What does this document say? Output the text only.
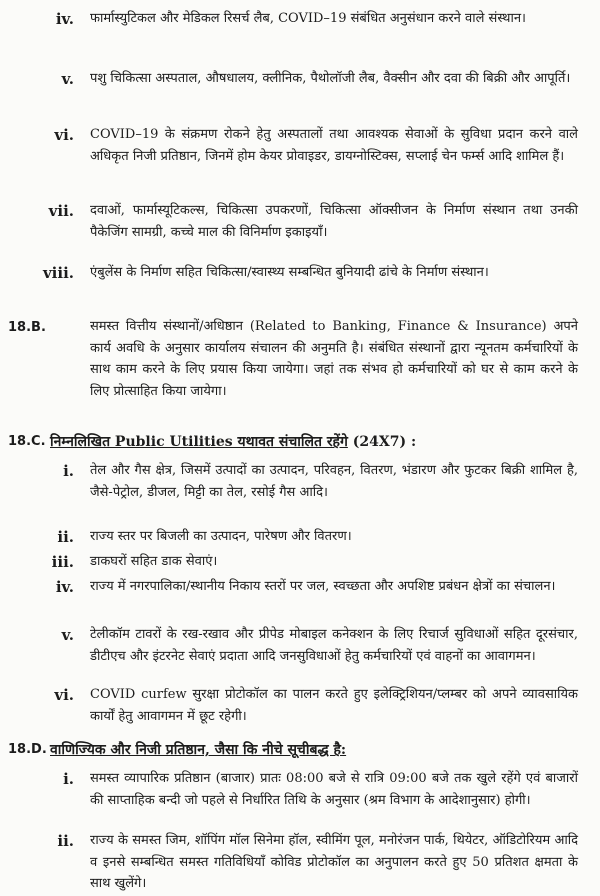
iv. फार्मास्युटिकल और मेडिकल रिसर्च लैब, COVID–19 संबंधित अनुसंधान करने वाले संस्थान।
v. पशु चिकित्सा अस्पताल, औषधालय, क्लीनिक, पैथोलॉजी लैब, वैक्सीन और दवा की बिक्री और आपूर्ति।
vi. COVID–19 के संक्रमण रोकने हेतु अस्पतालों तथा आवश्यक सेवाओं के सुविधा प्रदान करने वाले अधिकृत निजी प्रतिष्ठान, जिनमें होम केयर प्रोवाइडर, डायग्नोस्टिक्स, सप्लाई चेन फर्म्स आदि शामिल हैं।
vii. दवाओं, फार्मास्यूटिकल्स, चिकित्सा उपकरणों, चिकित्सा ऑक्सीजन के निर्माण संस्थान तथा उनकी पैकेजिंग सामग्री, कच्चे माल की विनिर्माण इकाइयाँ।
viii. एंबुलेंस के निर्माण सहित चिकित्सा/स्वास्थ्य सम्बन्धित बुनियादी ढांचे के निर्माण संस्थान।
18.B.	समस्त वित्तीय संस्थानों/अधिष्ठान (Related to Banking, Finance & Insurance) अपने कार्य अवधि के अनुसार कार्यालय संचालन की अनुमति है। संबंधित संस्थानों द्वारा न्यूनतम कर्मचारियों के साथ काम करने के लिए प्रयास किया जायेगा। जहां तक संभव हो कर्मचारियों को घर से काम करने के लिए प्रोत्साहित किया जायेगा।
18.C. निम्नलिखित Public Utilities यथावत संचालित रहेंगे (24X7) :
i. तेल और गैस क्षेत्र, जिसमें उत्पादों का उत्पादन, परिवहन, वितरण, भंडारण और फुटकर बिक्री शामिल है, जैसे-पेट्रोल, डीजल, मिट्टी का तेल, रसोई गैस आदि।
ii. राज्य स्तर पर बिजली का उत्पादन, पारेषण और वितरण।
iii. डाकघरों सहित डाक सेवाएं।
iv. राज्य में नगरपालिका/स्थानीय निकाय स्तरों पर जल, स्वच्छता और अपशिष्ट प्रबंधन क्षेत्रों का संचालन।
v. टेलीकॉम टावरों के रख-रखाव और प्रीपेड मोबाइल कनेक्शन के लिए रिचार्ज सुविधाओं सहित दूरसंचार, डीटीएच और इंटरनेट सेवाएं प्रदाता आदि जनसुविधाओं हेतु कर्मचारियों एवं वाहनों का आवागमन।
vi. COVID curfew सुरक्षा प्रोटोकॉल का पालन करते हुए इलेक्ट्रिशियन/प्लम्बर को अपने व्यावसायिक कार्यों हेतु आवागमन में छूट रहेगी।
18.D. वाणिज्यिक और निजी प्रतिष्ठान, जैसा कि नीचे सूचीबद्ध है:
i. समस्त व्यापारिक प्रतिष्ठान (बाजार) प्रातः 08:00 बजे से रात्रि 09:00 बजे तक खुले रहेंगे एवं बाजारों की साप्ताहिक बन्दी जो पहले से निर्धारित तिथि के अनुसार (श्रम विभाग के आदेशानुसार) होगी।
ii. राज्य के समस्त जिम, शॉपिंग मॉल सिनेमा हॉल, स्वीमिंग पूल, मनोरंजन पार्क, थियेटर, ऑडिटोरियम आदि व इनसे सम्बन्धित समस्त गतिविधियाँ कोविड प्रोटोकॉल का अनुपालन करते हुए 50 प्रतिशत क्षमता के साथ खुलेंगे।
